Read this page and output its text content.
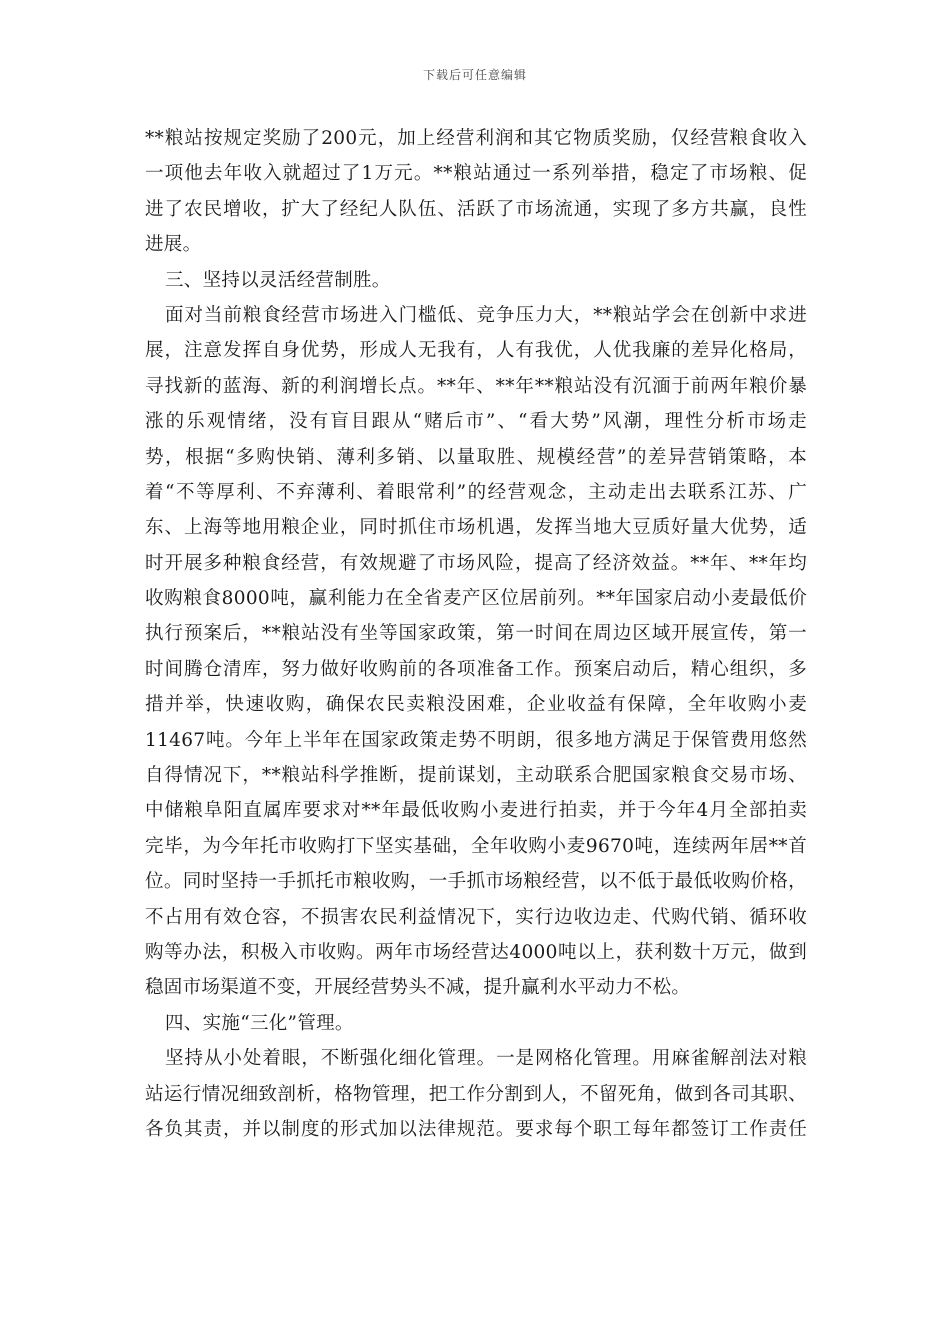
下载后可任意编辑
**粮站按规定奖励了200元，加上经营利润和其它物质奖励，仅经营粮食收入
一项他去年收入就超过了1万元。**粮站通过一系列举措，稳定了市场粮、促
进了农民增收，扩大了经纪人队伍、活跃了市场流通，实现了多方共赢，良性
进展。
三、坚持以灵活经营制胜。
面对当前粮食经营市场进入门槛低、竞争压力大，**粮站学会在创新中求进
展，注意发挥自身优势，形成人无我有，人有我优，人优我廉的差异化格局，
寻找新的蓝海、新的利润增长点。**年、**年**粮站没有沉湎于前两年粮价暴
涨的乐观情绪，没有盲目跟从“赌后市”、“看大势”风潮，理性分析市场走
势，根据“多购快销、薄利多销、以量取胜、规模经营”的差异营销策略，本
着“不等厚利、不弃薄利、着眼常利”的经营观念，主动走出去联系江苏、广
东、上海等地用粮企业，同时抓住市场机遇，发挥当地大豆质好量大优势，适
时开展多种粮食经营，有效规避了市场风险，提高了经济效益。**年、**年均
收购粮食8000吨，赢利能力在全省麦产区位居前列。**年国家启动小麦最低价
执行预案后，**粮站没有坐等国家政策，第一时间在周边区域开展宣传，第一
时间腾仓清库，努力做好收购前的各项准备工作。预案启动后，精心组织，多
措并举，快速收购，确保农民卖粮没困难，企业收益有保障，全年收购小麦
11467吨。今年上半年在国家政策走势不明朗，很多地方满足于保管费用悠然
自得情况下，**粮站科学推断，提前谋划，主动联系合肥国家粮食交易市场、
中储粮阜阳直属库要求对**年最低收购小麦进行拍卖，并于今年4月全部拍卖
完毕，为今年托市收购打下坚实基础，全年收购小麦9670吨，连续两年居**首
位。同时坚持一手抓托市粮收购，一手抓市场粮经营，以不低于最低收购价格，
不占用有效仓容，不损害农民利益情况下，实行边收边走、代购代销、循环收
购等办法，积极入市收购。两年市场经营达4000吨以上，获利数十万元，做到
稳固市场渠道不变，开展经营势头不减，提升赢利水平动力不松。
四、实施“三化”管理。
坚持从小处着眼，不断强化细化管理。一是网格化管理。用麻雀解剖法对粮
站运行情况细致剖析，格物管理，把工作分割到人，不留死角，做到各司其职、
各负其责，并以制度的形式加以法律规范。要求每个职工每年都签订工作责任
